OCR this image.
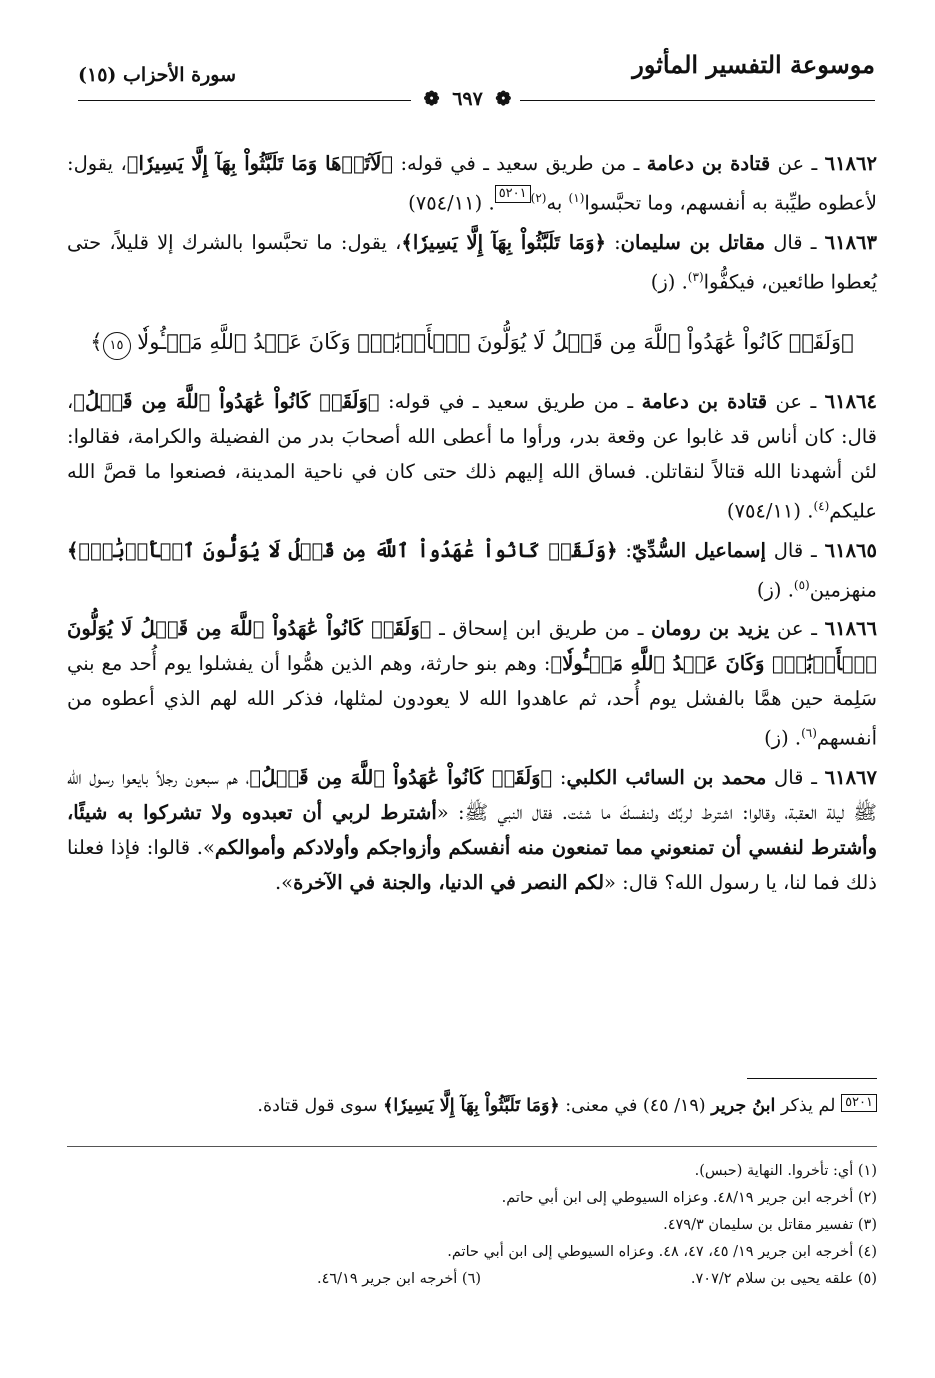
موسوعة التفسير المأثور
سورة الأحزاب (١٥)
❁ ٦٩٧ ❁

٦١٨٦٢ ـ عن قتادة بن دعامة ـ من طريق سعيد ـ في قوله: ﴿لَآتَوۡهَا وَمَا تَلَبَّثُواْ بِهَآ إِلَّا يَسِيرٗا﴾، يقول: لأعطوه طيِّبة به أنفسهم، وما تحبَّسوا$^{(١)}$ به$^{(٢)}$٥٢٠١. (٧٥٤/١١)

٦١٨٦٣ ـ قال مقاتل بن سليمان: ﴿وَمَا تَلَبَّثُواْ بِهَآ إِلَّا يَسِيرٗا﴾، يقول: ما تحبَّسوا بالشرك إلا قليلاً، حتى يُعطوا طائعين، فيكفُّوا$^{(٣)}$. (ز)

﴿وَلَقَدۡ كَانُواْ عَٰهَدُواْ ٱللَّهَ مِن قَبۡلُ لَا يُوَلُّونَ ٱلۡأَدۡبَٰرَۚ وَكَانَ عَهۡدُ ٱللَّهِ مَسۡـُٔولٗا ١٥﴾

٦١٨٦٤ ـ عن قتادة بن دعامة ـ من طريق سعيد ـ في قوله: ﴿وَلَقَدۡ كَانُواْ عَٰهَدُواْ ٱللَّهَ مِن قَبۡلُ﴾، قال: كان أناس قد غابوا عن وقعة بدر، ورأوا ما أعطى الله أصحابَ بدر من الفضيلة والكرامة، فقالوا: لئن أشهدنا الله قتالاً لنقاتلن. فساق الله إليهم ذلك حتى كان في ناحية المدينة، فصنعوا ما قصَّ الله عليكم$^{(٤)}$. (٧٥٤/١١)

٦١٨٦٥ ـ قال إسماعيل السُّدِّيّ: ﴿وَلَقَدۡ كَانُواْ عَٰهَدُواْ ٱللَّهَ مِن قَبۡلُ لَا يُوَلُّونَ ٱلۡأَدۡبَٰرَۚ﴾ منهزمين$^{(٥)}$. (ز)

٦١٨٦٦ ـ عن يزيد بن رومان ـ من طريق ابن إسحاق ـ ﴿وَلَقَدۡ كَانُواْ عَٰهَدُواْ ٱللَّهَ مِن قَبۡلُ لَا يُوَلُّونَ ٱلۡأَدۡبَٰرَۚ وَكَانَ عَهۡدُ ٱللَّهِ مَسۡـُٔولٗا﴾: وهم بنو حارثة، وهم الذين همُّوا أن يفشلوا يوم أُحد مع بني سَلِمة حين همَّا بالفشل يوم أُحد، ثم عاهدوا الله لا يعودون لمثلها، فذكر الله لهم الذي أعطوه من أنفسهم$^{(٦)}$. (ز)

٦١٨٦٧ ـ قال محمد بن السائب الكلبي: ﴿وَلَقَدۡ كَانُواْ عَٰهَدُواْ ٱللَّهَ مِن قَبۡلُ﴾، هم سبعون رجلاً بايعوا رسول الله ﷺ ليلة العقبة، وقالوا: اشترط لربِّك ولنفسكَ ما شئت. فقال النبي ﷺ: «أشترط لربي أن تعبدوه ولا تشركوا به شيئًا، وأشترط لنفسي أن تمنعوني مما تمنعون منه أنفسكم وأزواجكم وأولادكم وأموالكم». قالوا: فإذا فعلنا ذلك فما لنا، يا رسول الله؟ قال: «لكم النصر في الدنيا، والجنة في الآخرة».

٥٢٠١ لم يذكر ابنُ جرير (١٩/ ٤٥) في معنى: ﴿وَمَا تَلَبَّثُواْ بِهَآ إِلَّا يَسِيرٗا﴾ سوى قول قتادة.

(١) أي: تأخروا. النهاية (حبس).

(٢) أخرجه ابن جرير ٤٨/١٩. وعزاه السيوطي إلى ابن أبي حاتم.

(٣) تفسير مقاتل بن سليمان ٤٧٩/٣.

(٤) أخرجه ابن جرير ١٩/ ٤٥، ٤٧، ٤٨. وعزاه السيوطي إلى ابن أبي حاتم.

(٥) علقه يحيى بن سلام ٧٠٧/٢.

(٦) أخرجه ابن جرير ٤٦/١٩.
